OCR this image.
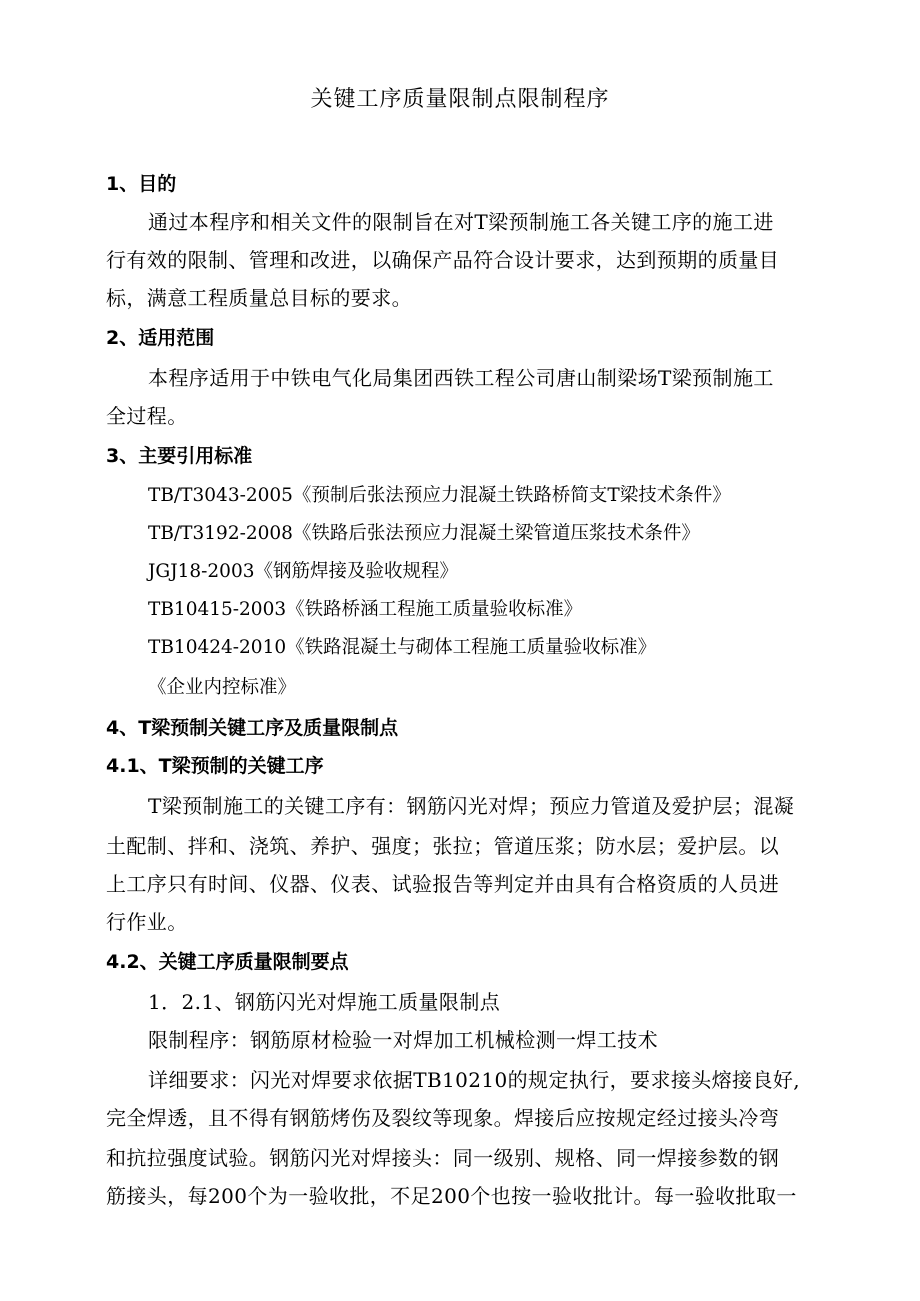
关键工序质量限制点限制程序
1、目的
通过本程序和相关文件的限制旨在对T梁预制施工各关键工序的施工进
行有效的限制、管理和改进，以确保产品符合设计要求，达到预期的质量目
标，满意工程质量总目标的要求。
2、适用范围
本程序适用于中铁电气化局集团西铁工程公司唐山制梁场T梁预制施工
全过程。
3、主要引用标准
TB/T3043-2005《预制后张法预应力混凝土铁路桥简支T梁技术条件》
TB/T3192-2008《铁路后张法预应力混凝土梁管道压浆技术条件》
JGJ18-2003《钢筋焊接及验收规程》
TB10415-2003《铁路桥涵工程施工质量验收标准》
TB10424-2010《铁路混凝土与砌体工程施工质量验收标准》
《企业内控标准》
4、T梁预制关键工序及质量限制点
4.1、T梁预制的关键工序
T梁预制施工的关键工序有：钢筋闪光对焊；预应力管道及爱护层；混凝
土配制、拌和、浇筑、养护、强度；张拉；管道压浆；防水层；爱护层。以
上工序只有时间、仪器、仪表、试验报告等判定并由具有合格资质的人员进
行作业。
4.2、关键工序质量限制要点
1．2.1、钢筋闪光对焊施工质量限制点
限制程序：钢筋原材检验一对焊加工机械检测一焊工技术
详细要求：闪光对焊要求依据TB10210的规定执行，要求接头熔接良好,
完全焊透，且不得有钢筋烤伤及裂纹等现象。焊接后应按规定经过接头冷弯
和抗拉强度试验。钢筋闪光对焊接头：同一级别、规格、同一焊接参数的钢
筋接头，每200个为一验收批，不足200个也按一验收批计。每一验收批取一
